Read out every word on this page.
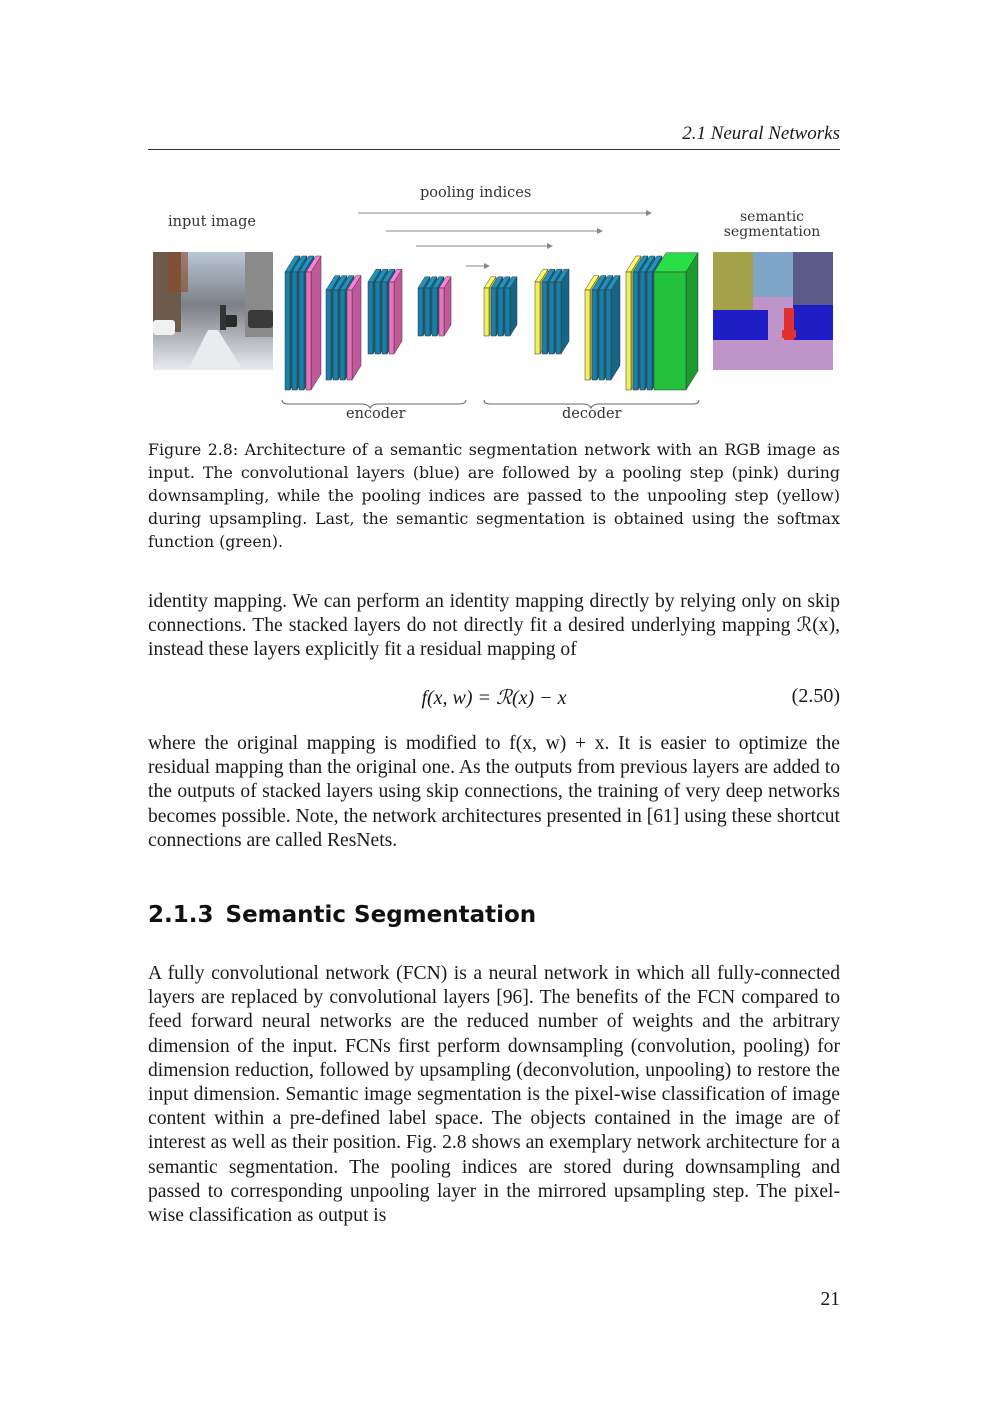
2.1 Neural Networks
input image
pooling indices
semantic
segmentation
encoder	decoder
Figure 2.8: Architecture of a semantic segmentation network with an RGB image as input. The convolutional layers (blue) are followed by a pooling step (pink) during downsampling, while the pooling indices are passed to the unpooling step (yellow) during upsampling. Last, the semantic segmentation is obtained using the softmax function (green).
identity mapping. We can perform an identity mapping directly by relying only on skip connections. The stacked layers do not directly fit a desired underlying mapping ℛ(x), instead these layers explicitly fit a residual mapping of
f(x, w) = ℛ(x) − x	(2.50)
where the original mapping is modified to f(x, w) + x. It is easier to optimize the residual mapping than the original one. As the outputs from previous layers are added to the outputs of stacked layers using skip connections, the training of very deep networks becomes possible. Note, the network architectures presented in [61] using these shortcut connections are called ResNets.
2.1.3 Semantic Segmentation
A fully convolutional network (FCN) is a neural network in which all fully-connected layers are replaced by convolutional layers [96]. The benefits of the FCN compared to feed forward neural networks are the reduced number of weights and the arbitrary dimension of the input. FCNs first perform downsampling (convolution, pooling) for dimension reduction, followed by upsampling (deconvolution, unpooling) to restore the input dimension. Semantic image segmentation is the pixel-wise classification of image content within a pre-defined label space. The objects contained in the image are of interest as well as their position. Fig. 2.8 shows an exemplary network architecture for a semantic segmentation. The pooling indices are stored during downsampling and passed to corresponding unpooling layer in the mirrored upsampling step. The pixel-wise classification as output is
21
